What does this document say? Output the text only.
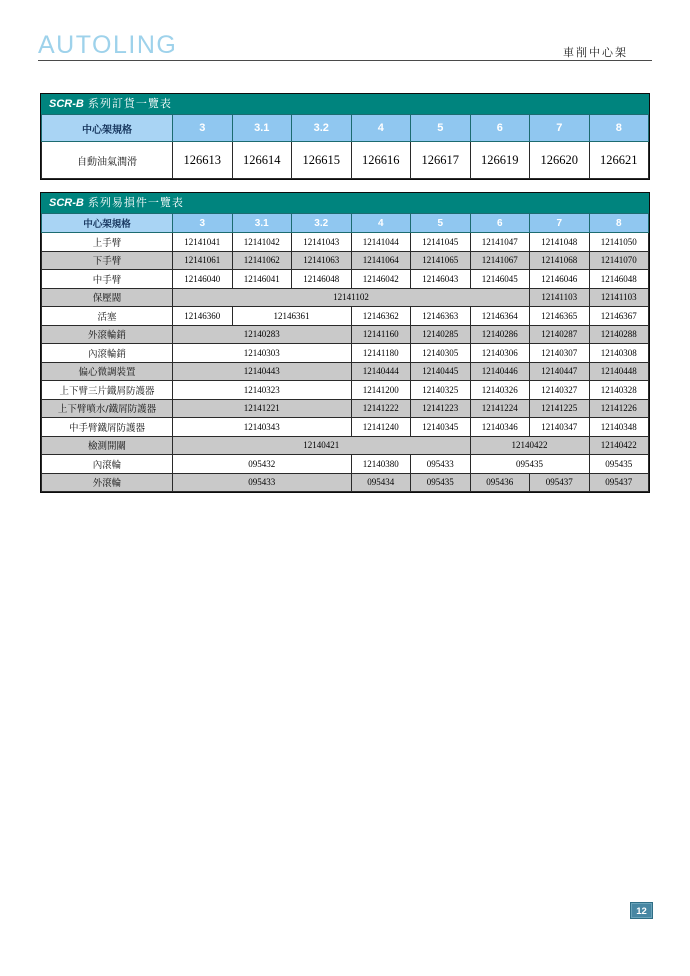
AUTOLING	車削中心架
SCR-B 系列訂貨一覽表
中心架規格	3	3.1	3.2	4	5	6	7	8
自動油氣潤滑	126613	126614	126615	126616	126617	126619	126620	126621
SCR-B 系列易損件一覽表
中心架規格	3	3.1	3.2	4	5	6	7	8
上手臂	12141041	12141042	12141043	12141044	12141045	12141047	12141048	12141050
下手臂	12141061	12141062	12141063	12141064	12141065	12141067	12141068	12141070
中手臂	12146040	12146041	12146048	12146042	12146043	12146045	12146046	12146048
保壓閥	12141102						12141103	12141103
活塞	12146360	12146361		12146362	12146363	12146364	12146365	12146367
外滾輪銷	12140283			12141160	12140285	12140286	12140287	12140288
內滾輪銷	12140303			12141180	12140305	12140306	12140307	12140308
偏心微調裝置	12140443			12140444	12140445	12140446	12140447	12140448
上下臂三片鐵屑防護器	12140323			12141200	12140325	12140326	12140327	12140328
上下臂噴水/鐵屑防護器	12141221			12141222	12141223	12141224	12141225	12141226
中手臂鐵屑防護器	12140343			12141240	12140345	12140346	12140347	12140348
檢測開關	12140421					12140422		12140422
內滾輪	095432			12140380	095433	095435		095435
外滾輪	095433			095434	095435	095436	095437	095437
12
